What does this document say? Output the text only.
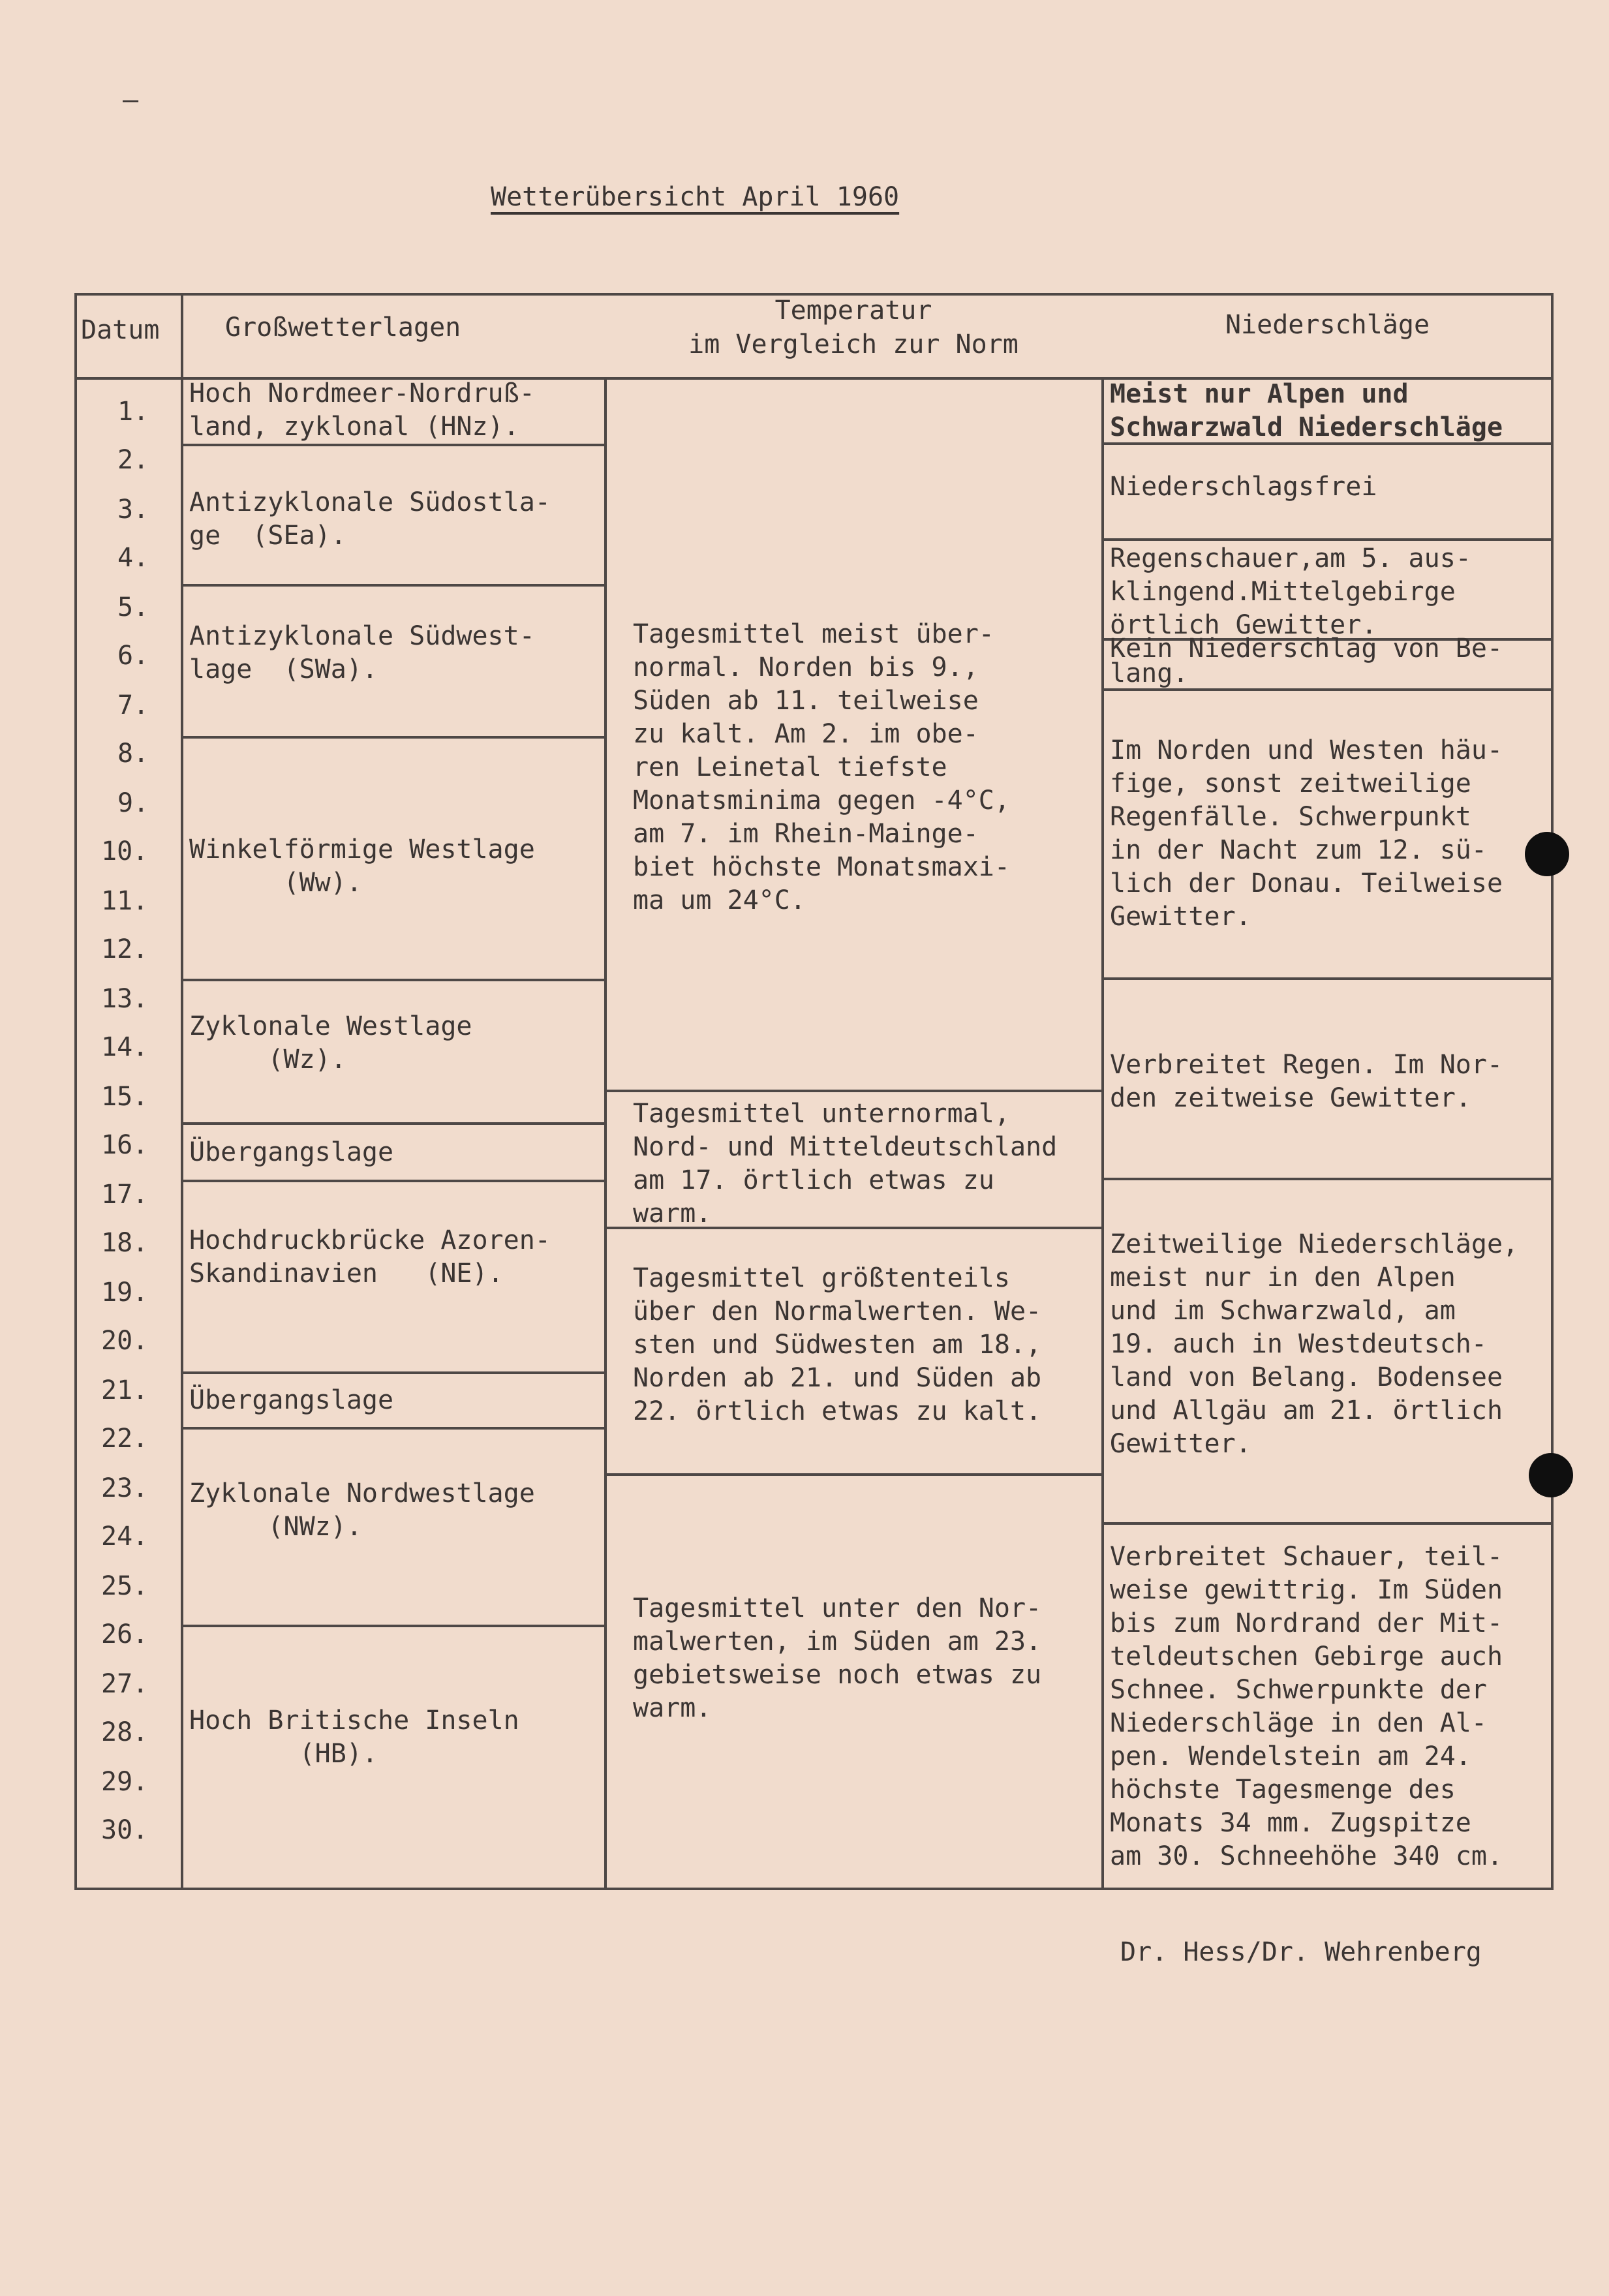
–
Wetterübersicht April 1960
Datum	Großwetterlagen
Temperatur
im Vergleich zur Norm
Niederschläge
1.
2.
3.
4.
5.
6.
7.
8.
9.
10.
11.
12.
13.
14.
15.
16.
17.
18.
19.
20.
21.
22.
23.
24.
25.
26.
27.
28.
29.
30.
Hoch Nordmeer-Nordruß-
land, zyklonal (HNz).
Antizyklonale Südostla-
ge  (SEa).
Antizyklonale Südwest-
lage  (SWa).
Winkelförmige Westlage
(Ww).
Zyklonale Westlage
(Wz).
Übergangslage
Hochdruckbrücke Azoren-
Skandinavien   (NE).
Übergangslage
Zyklonale Nordwestlage
(NWz).
Hoch Britische Inseln
(HB).
Tagesmittel meist über-
normal. Norden bis 9.,
Süden ab 11. teilweise
zu kalt. Am 2. im obe-
ren Leinetal tiefste
Monatsminima gegen -4°C,
am 7. im Rhein-Mainge-
biet höchste Monatsmaxi-
ma um 24°C.
Tagesmittel unternormal,
Nord- und Mitteldeutschland
am 17. örtlich etwas zu
warm.
Tagesmittel größtenteils
über den Normalwerten. We-
sten und Südwesten am 18.,
Norden ab 21. und Süden ab
22. örtlich etwas zu kalt.
Tagesmittel unter den Nor-
malwerten, im Süden am 23.
gebietsweise noch etwas zu
warm.
Meist nur Alpen und
Schwarzwald Niederschläge
Niederschlagsfrei
Regenschauer,am 5. aus-
klingend.Mittelgebirge
örtlich Gewitter.
Kein Niederschlag von Be-
lang.
Im Norden und Westen häu-
fige, sonst zeitweilige
Regenfälle. Schwerpunkt
in der Nacht zum 12. sü-
lich der Donau. Teilweise
Gewitter.
Verbreitet Regen. Im Nor-
den zeitweise Gewitter.
Zeitweilige Niederschläge,
meist nur in den Alpen
und im Schwarzwald, am
19. auch in Westdeutsch-
land von Belang. Bodensee
und Allgäu am 21. örtlich
Gewitter.
Verbreitet Schauer, teil-
weise gewittrig. Im Süden
bis zum Nordrand der Mit-
teldeutschen Gebirge auch
Schnee. Schwerpunkte der
Niederschläge in den Al-
pen. Wendelstein am 24.
höchste Tagesmenge des
Monats 34 mm. Zugspitze
am 30. Schneehöhe 340 cm.
Dr. Hess/Dr. Wehrenberg
